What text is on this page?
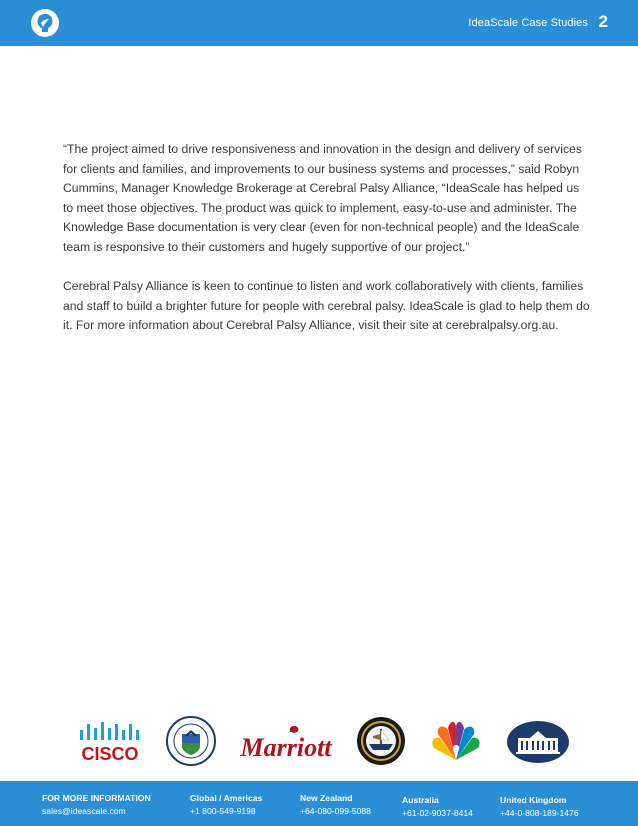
IdeaScale Case Studies 2

“The project aimed to drive responsiveness and innovation in the design and delivery of services for clients and families, and improvements to our business systems and processes,” said Robyn Cummins, Manager Knowledge Brokerage at Cerebral Palsy Alliance, “IdeaScale has helped us to meet those objectives. The product was quick to implement, easy-to-use and administer. The Knowledge Base documentation is very clear (even for non-technical people) and the IdeaScale team is responsive to their customers and hugely supportive of our project.”

Cerebral Palsy Alliance is keen to continue to listen and work collaboratively with clients, families and staff to build a brighter future for people with cerebral palsy. IdeaScale is glad to help them do it. For more information about Cerebral Palsy Alliance, visit their site at cerebralpalsy.org.au.

CISCO	Marriott
FOR MORE INFORMATION
sales@ideascale.com
Global / Americas
+1 800-549-9198
New Zealand
+64-080-099-5088
Australia
+61-02-9037-8414
United Kingdom
+44-0-808-189-1476
